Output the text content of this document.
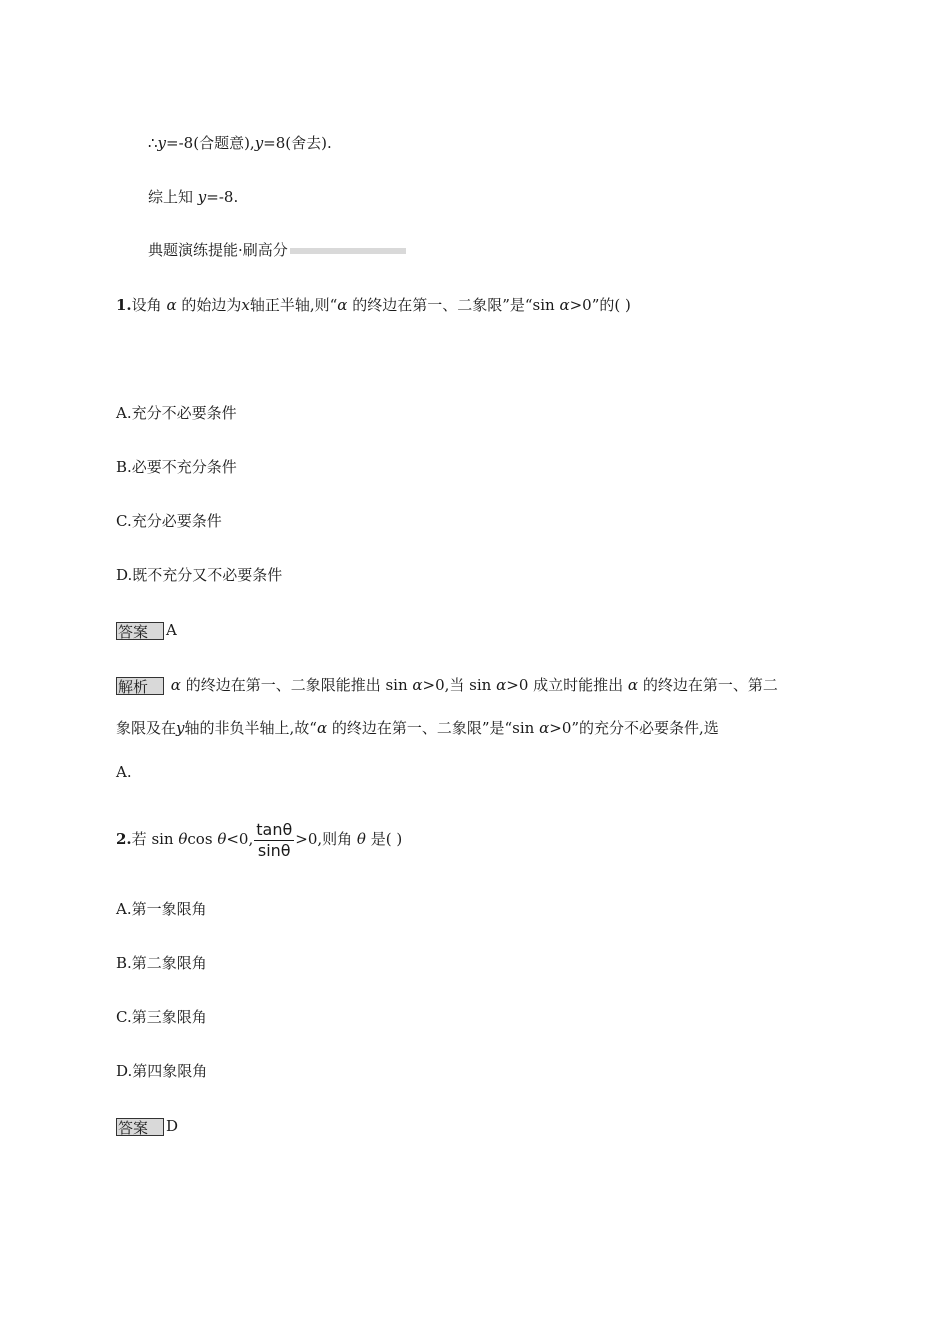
∴y=-8(合题意),y=8(舍去).
综上知 y=-8.
典题演练提能·刷高分
1.设角 α 的始边为x轴正半轴,则“α 的终边在第一、二象限”是“sin α>0”的( )
A.充分不必要条件
B.必要不充分条件
C.充分必要条件
D.既不充分又不必要条件
答案 A
解析 α 的终边在第一、二象限能推出 sin α>0,当 sin α>0 成立时能推出 α 的终边在第一、第二
象限及在y轴的非负半轴上,故“α 的终边在第一、二象限”是“sin α>0”的充分不必要条件,选
A.
2.若 sin θcos θ<0, $\frac{\tan\theta}{\sin\theta} >0$,则角 θ 是( )
A.第一象限角
B.第二象限角
C.第三象限角
D.第四象限角
答案 D
